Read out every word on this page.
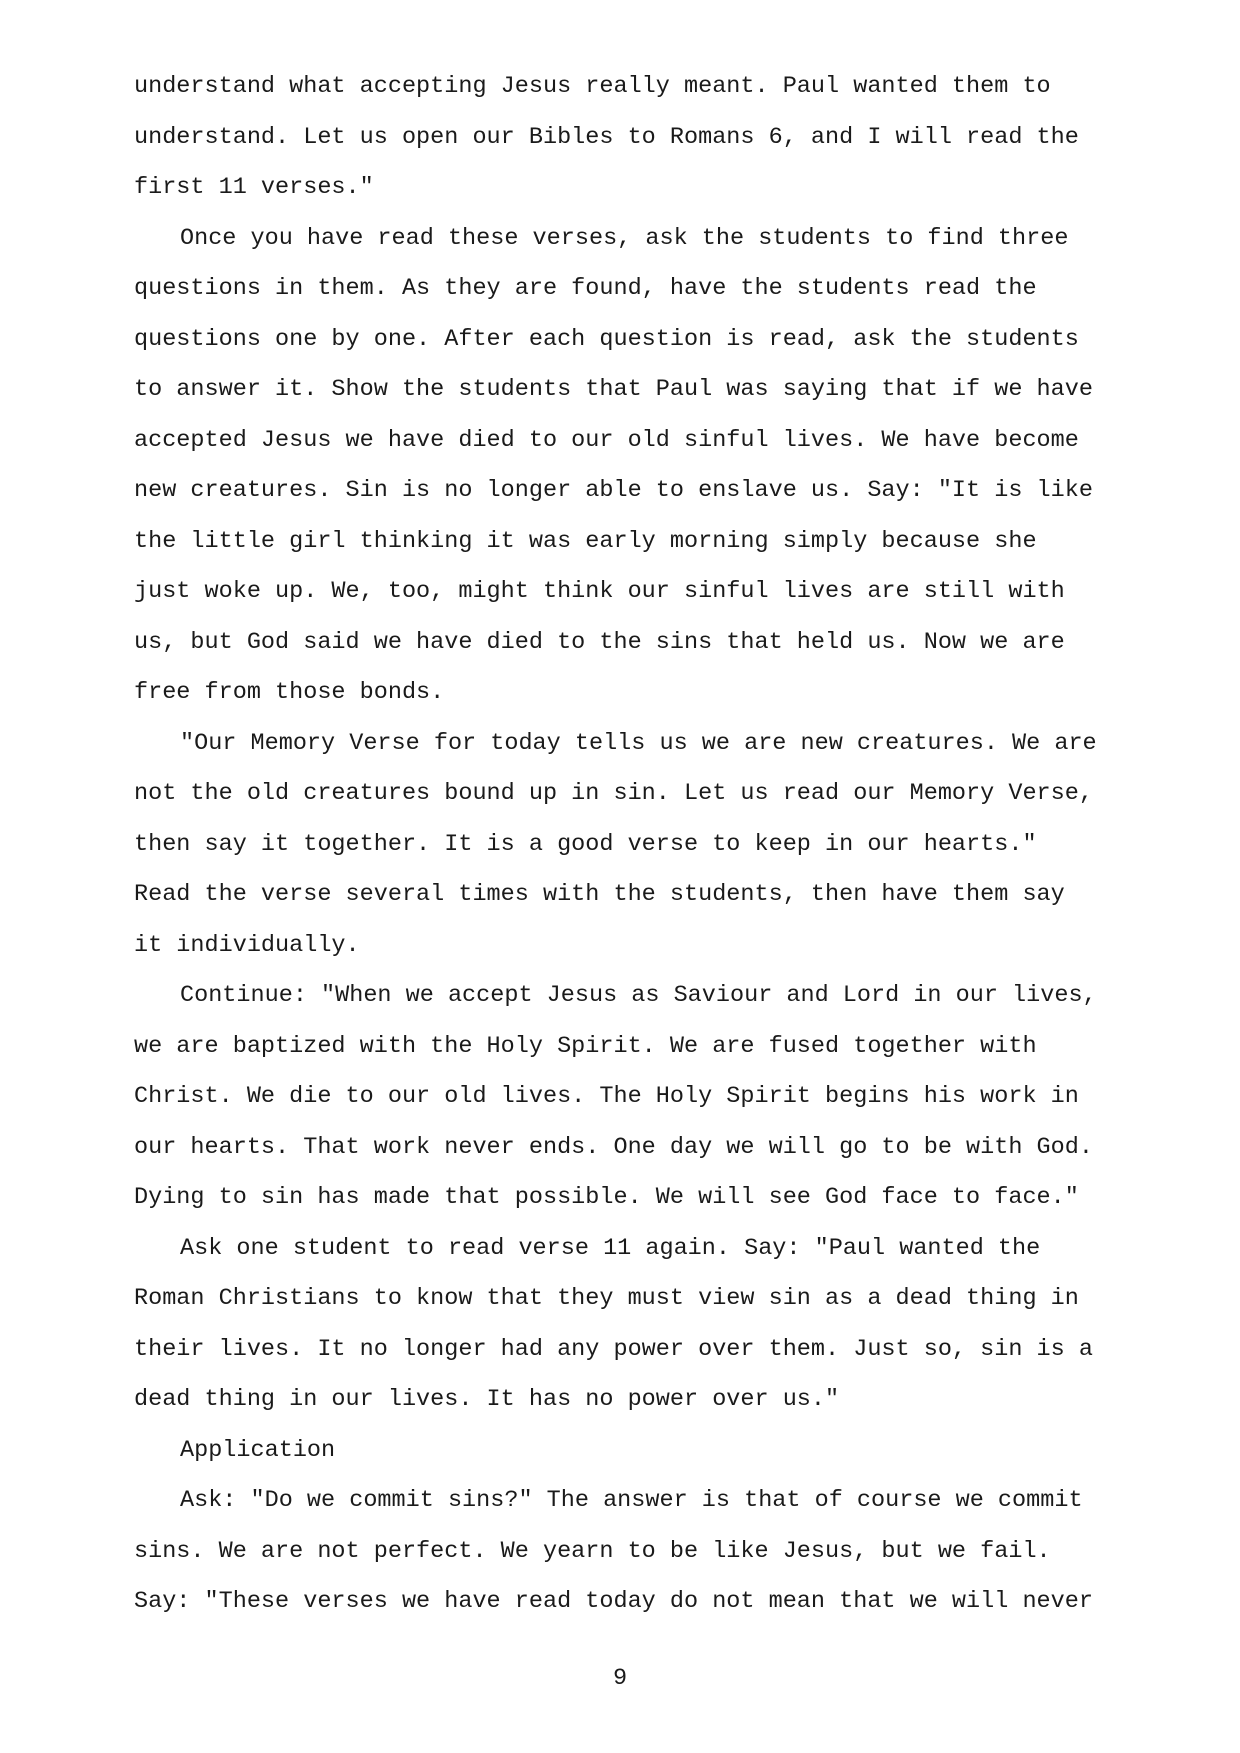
understand what accepting Jesus really meant. Paul wanted them to
understand. Let us open our Bibles to Romans 6, and I will read the
first 11 verses."
Once you have read these verses, ask the students to find three
questions in them. As they are found, have the students read the
questions one by one. After each question is read, ask the students
to answer it. Show the students that Paul was saying that if we have
accepted Jesus we have died to our old sinful lives. We have become
new creatures. Sin is no longer able to enslave us. Say: "It is like
the little girl thinking it was early morning simply because she
just woke up. We, too, might think our sinful lives are still with
us, but God said we have died to the sins that held us. Now we are
free from those bonds.
"Our Memory Verse for today tells us we are new creatures. We are
not the old creatures bound up in sin. Let us read our Memory Verse,
then say it together. It is a good verse to keep in our hearts."
Read the verse several times with the students, then have them say
it individually.
Continue: "When we accept Jesus as Saviour and Lord in our lives,
we are baptized with the Holy Spirit. We are fused together with
Christ. We die to our old lives. The Holy Spirit begins his work in
our hearts. That work never ends. One day we will go to be with God.
Dying to sin has made that possible. We will see God face to face."
Ask one student to read verse 11 again. Say: "Paul wanted the
Roman Christians to know that they must view sin as a dead thing in
their lives. It no longer had any power over them. Just so, sin is a
dead thing in our lives. It has no power over us."
Application
Ask: "Do we commit sins?" The answer is that of course we commit
sins. We are not perfect. We yearn to be like Jesus, but we fail.
Say: "These verses we have read today do not mean that we will never
9
